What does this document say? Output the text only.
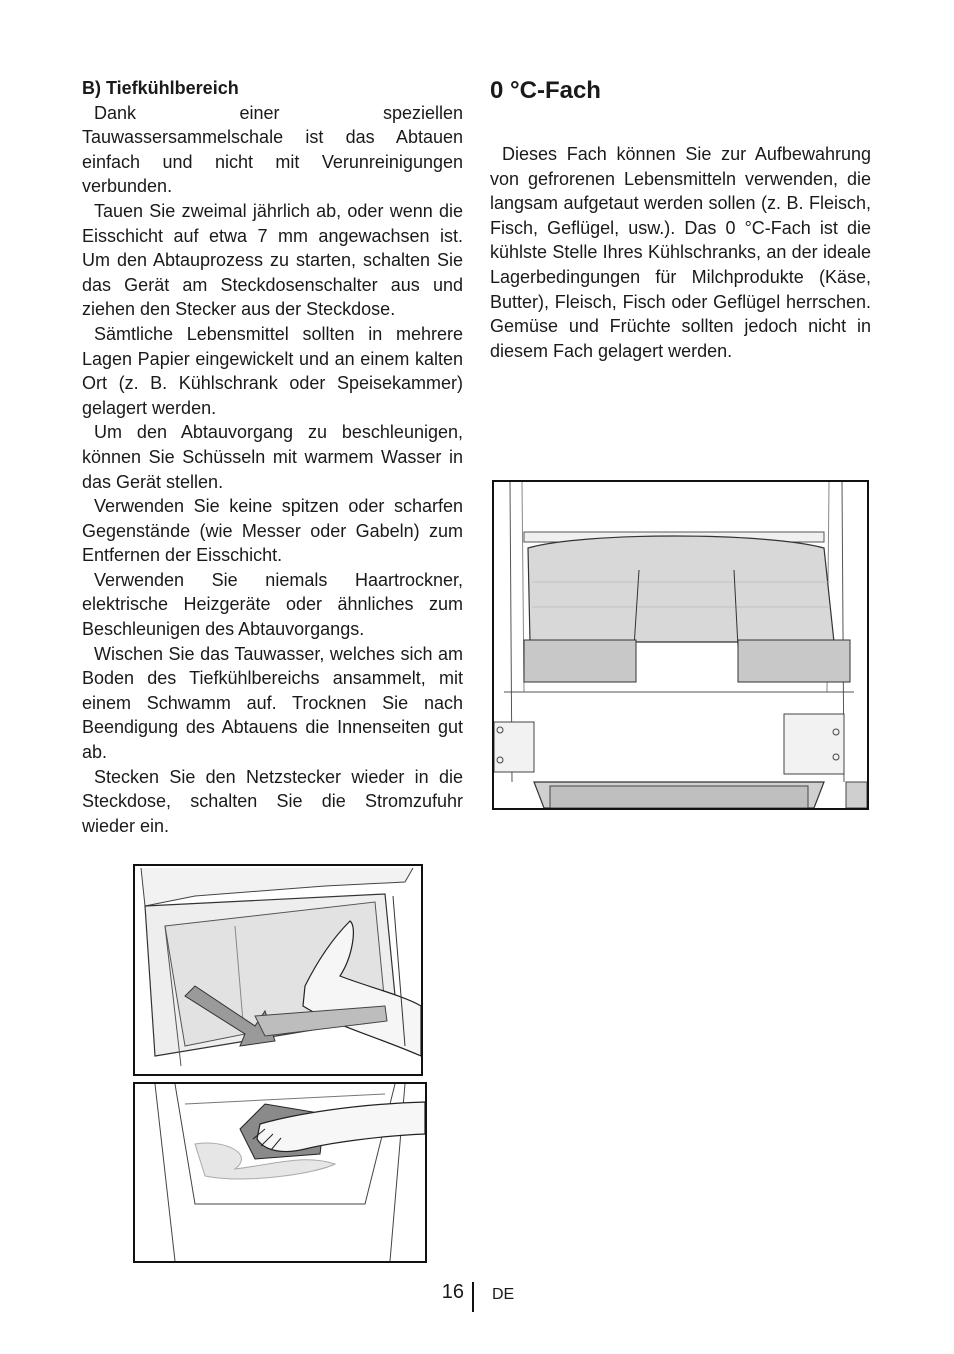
B) Tiefkühlbereich

Dank einer speziellen Tauwassersammelschale ist das Abtauen einfach und nicht mit Verunreinigungen verbunden.

Tauen Sie zweimal jährlich ab, oder wenn die Eisschicht auf etwa 7 mm angewachsen ist. Um den Abtauprozess zu starten, schalten Sie das Gerät am Steckdosenschalter aus und ziehen den Stecker aus der Steckdose.

Sämtliche Lebensmittel sollten in mehrere Lagen Papier eingewickelt und an einem kalten Ort (z. B. Kühlschrank oder Speisekammer) gelagert werden.

Um den Abtauvorgang zu beschleunigen, können Sie Schüsseln mit warmem Wasser in das Gerät stellen.

Verwenden Sie keine spitzen oder scharfen Gegenstände (wie Messer oder Gabeln) zum Entfernen der Eisschicht.

Verwenden Sie niemals Haartrockner, elektrische Heizgeräte oder ähnliches zum Beschleunigen des Abtauvorgangs.

Wischen Sie das Tauwasser, welches sich am Boden des Tiefkühlbereichs ansammelt, mit einem Schwamm auf. Trocknen Sie nach Beendigung des Abtauens die Innenseiten gut ab.

Stecken Sie den Netzstecker wieder in die Steckdose, schalten Sie die Stromzufuhr wieder ein.

0 °C-Fach

Dieses Fach können Sie zur Aufbewahrung von gefrorenen Lebensmitteln verwenden, die langsam aufgetaut werden sollen (z. B. Fleisch, Fisch, Geflügel, usw.). Das 0 °C-Fach ist die kühlste Stelle Ihres Kühlschranks, an der ideale Lagerbedingungen für Milchprodukte (Käse, Butter), Fleisch, Fisch oder Geflügel herrschen. Gemüse und Früchte sollten jedoch nicht in diesem Fach gelagert werden.

16 DE
